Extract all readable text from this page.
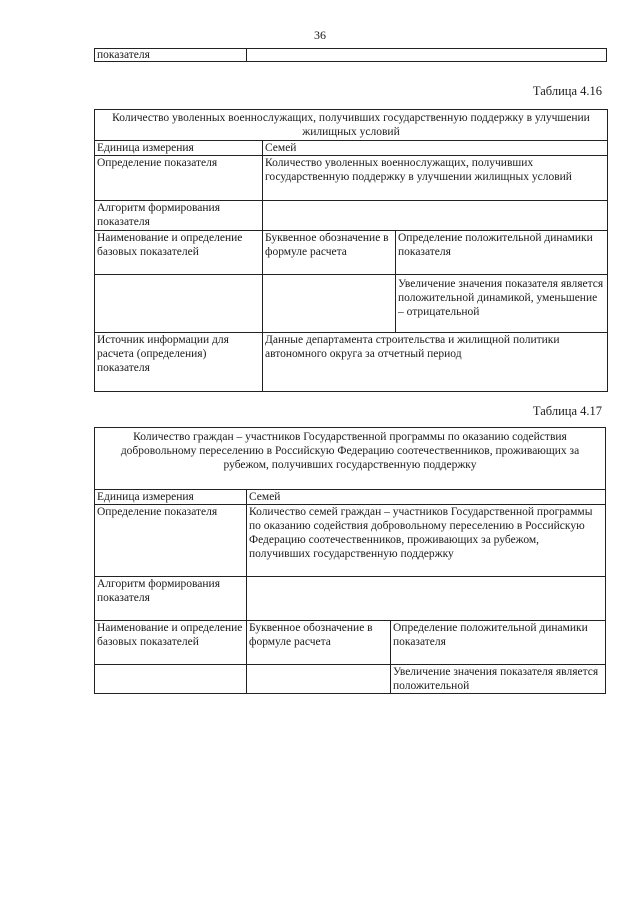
36
показателя	
Таблица 4.16
Количество уволенных военнослужащих, получивших государственную поддержку в улучшении жилищных условий		
Единица измерения	Семей	
Определение показателя	Количество уволенных военнослужащих, получивших государственную поддержку в улучшении жилищных условий	
Алгоритм формирования показателя		
Наименование и определение базовых показателей	Буквенное обозначение в формуле расчета	Определение положительной динамики показателя
		Увеличение значения показателя является положительной динамикой, уменьшение – отрицательной
Источник информации для расчета (определения) показателя	Данные департамента строительства и жилищной политики автономного округа за отчетный период	
Таблица 4.17
Количество граждан – участников Государственной программы по оказанию содействия добровольному переселению в Российскую Федерацию соотечественников, проживающих за рубежом, получивших государственную поддержку		
Единица измерения	Семей	
Определение показателя	Количество семей граждан – участников Государственной программы по оказанию содействия добровольному переселению в Российскую Федерацию соотечественников, проживающих за рубежом, получивших государственную поддержку	
Алгоритм формирования показателя		
Наименование и определение базовых показателей	Буквенное обозначение в формуле расчета	Определение положительной динамики показателя
		Увеличение значения показателя является положительной
